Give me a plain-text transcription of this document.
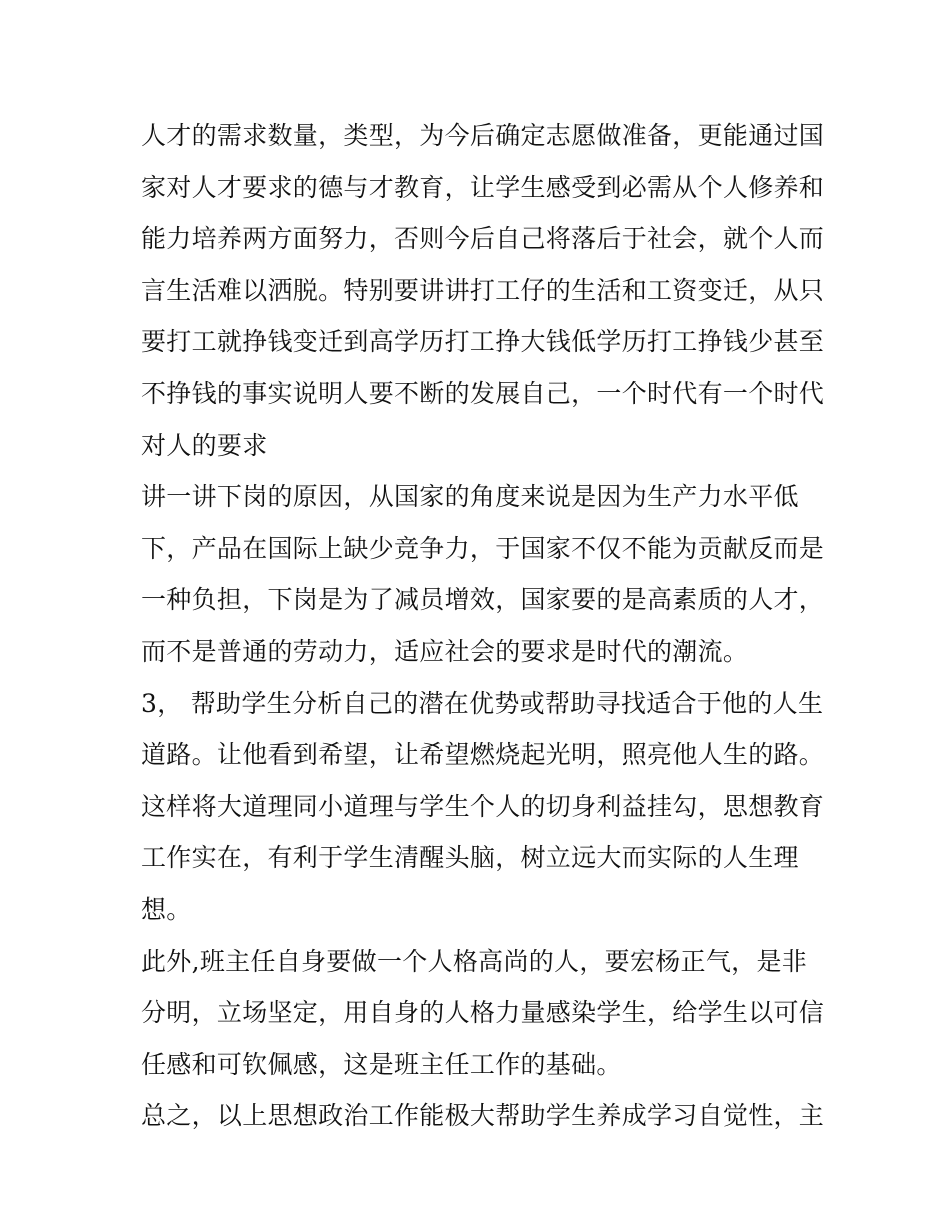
人才的需求数量，类型，为今后确定志愿做准备，更能通过国
家对人才要求的德与才教育，让学生感受到必需从个人修养和
能力培养两方面努力，否则今后自己将落后于社会，就个人而
言生活难以洒脱。特别要讲讲打工仔的生活和工资变迁，从只
要打工就挣钱变迁到高学历打工挣大钱低学历打工挣钱少甚至
不挣钱的事实说明人要不断的发展自己，一个时代有一个时代
对人的要求
讲一讲下岗的原因，从国家的角度来说是因为生产力水平低
下，产品在国际上缺少竞争力，于国家不仅不能为贡献反而是
一种负担，下岗是为了减员增效，国家要的是高素质的人才，
而不是普通的劳动力，适应社会的要求是时代的潮流。
3， 帮助学生分析自己的潜在优势或帮助寻找适合于他的人生
道路。让他看到希望，让希望燃烧起光明，照亮他人生的路。
这样将大道理同小道理与学生个人的切身利益挂勾，思想教育
工作实在，有利于学生清醒头脑，树立远大而实际的人生理
想。
此外,班主任自身要做一个人格高尚的人，要宏杨正气，是非
分明，立场坚定，用自身的人格力量感染学生，给学生以可信
任感和可钦佩感，这是班主任工作的基础。
总之，以上思想政治工作能极大帮助学生养成学习自觉性，主
